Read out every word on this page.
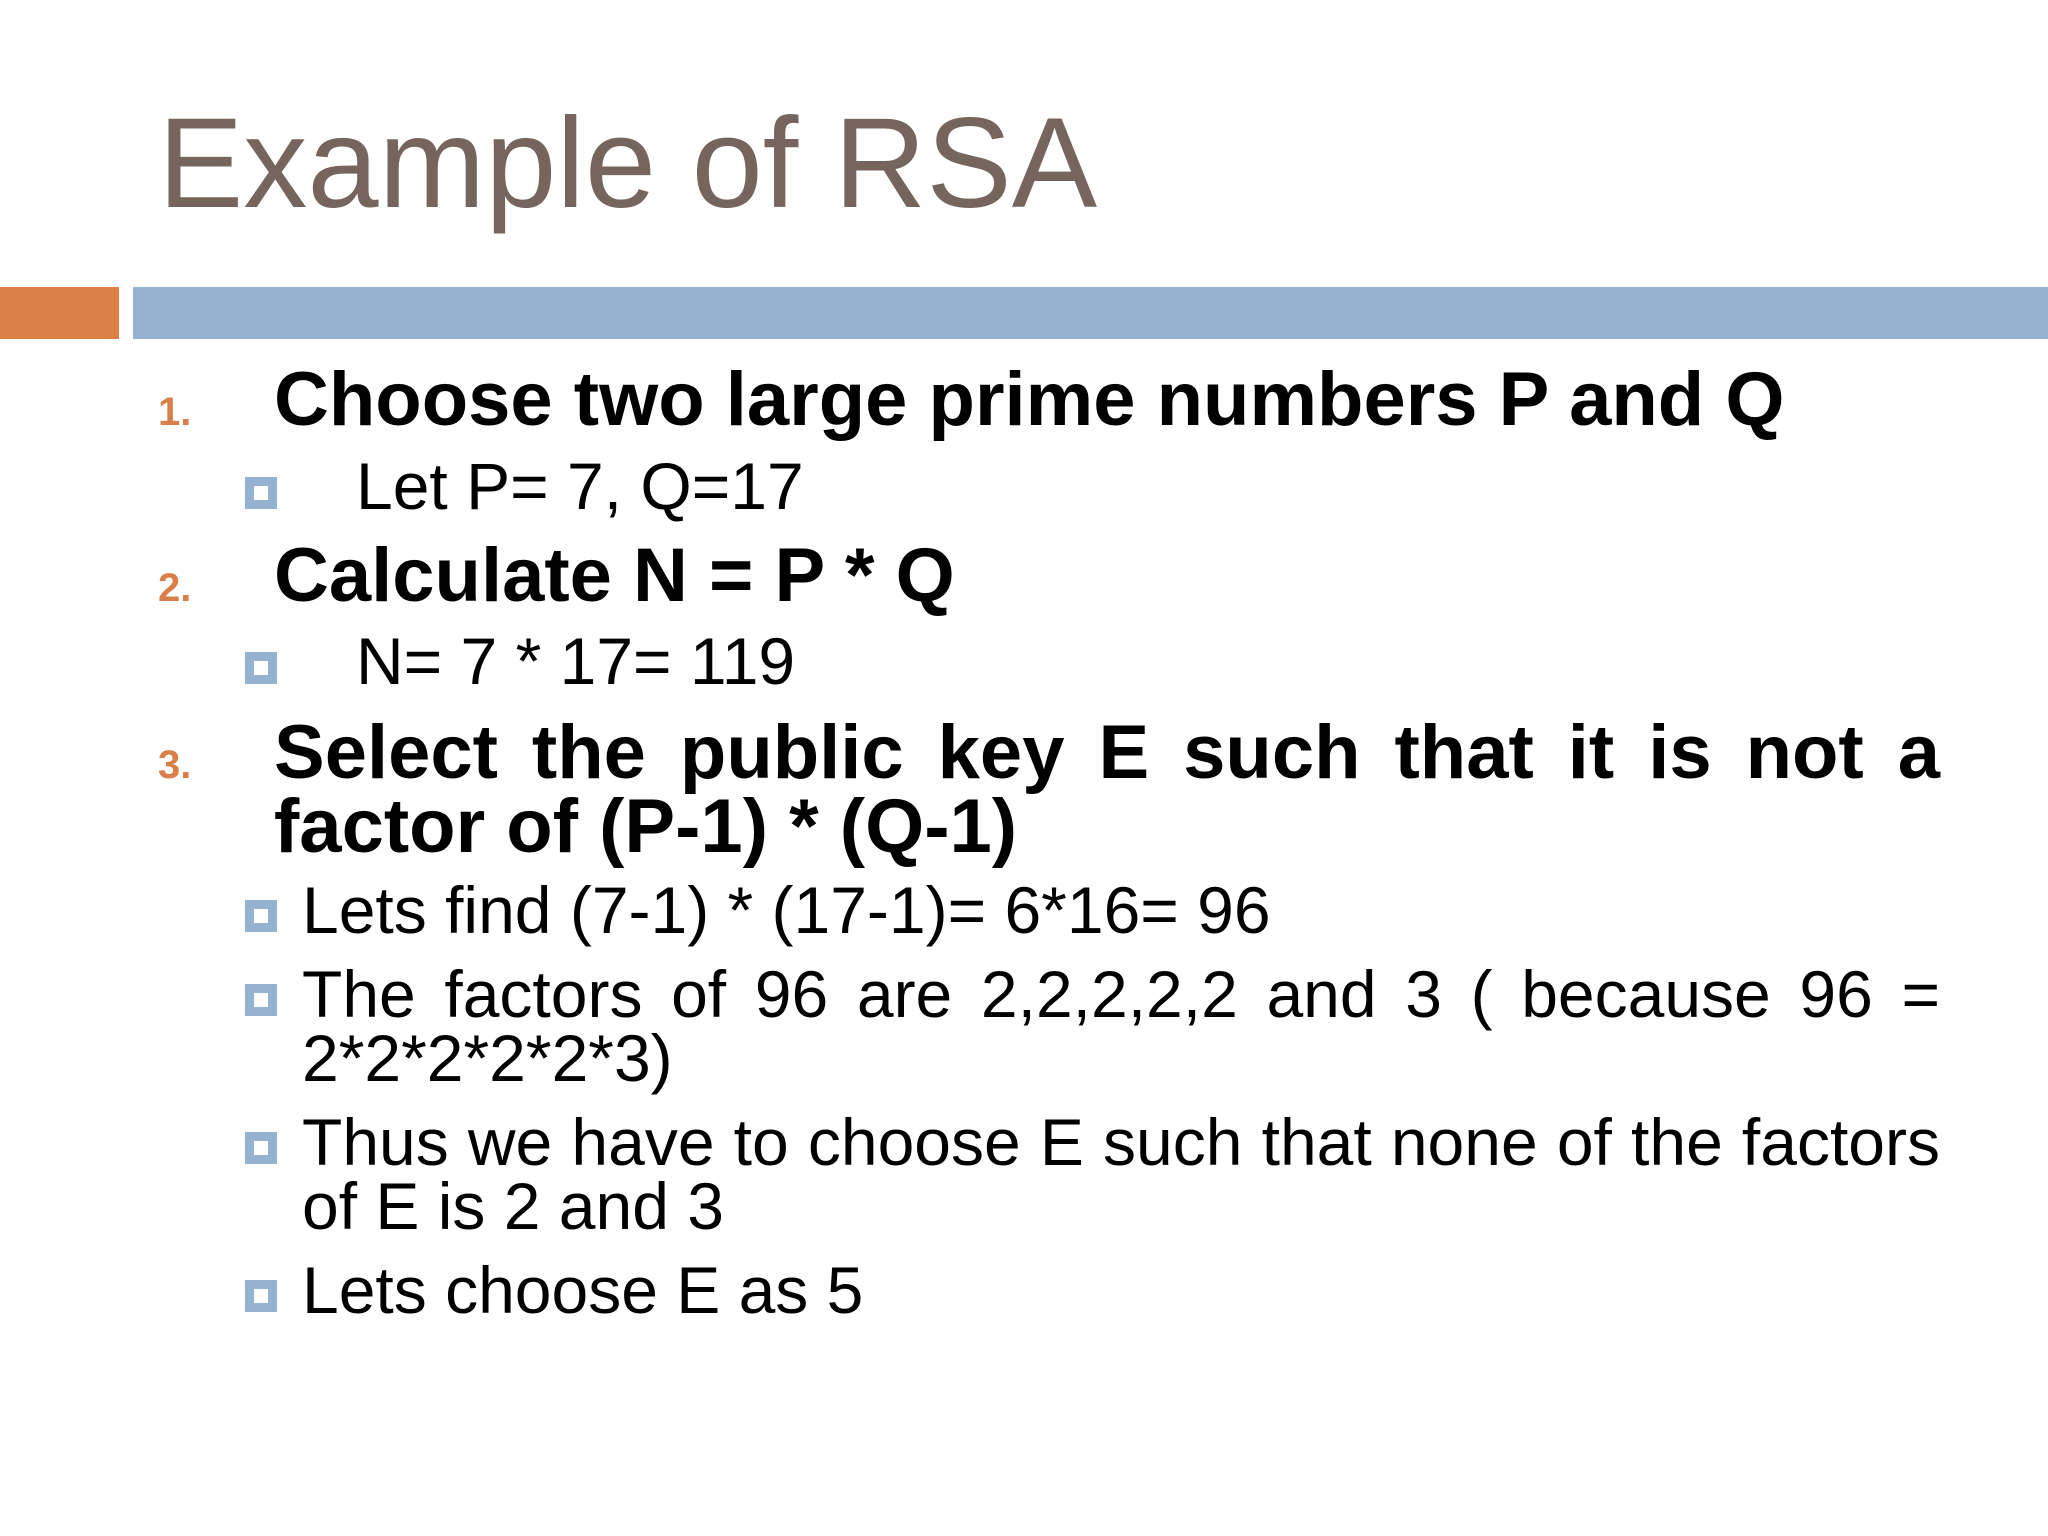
Example of RSA
1. Choose two large prime numbers P and Q

Let P= 7, Q=17

2. Calculate N = P * Q

N= 7 * 17= 119

3. Select the public key E such that it is not a factor of (P-1) * (Q-1)

Lets find (7-1) * (17-1)= 6*16= 96

The factors of 96 are 2,2,2,2,2 and 3 ( because 96 = 2*2*2*2*2*3)

Thus we have to choose E such that none of the factors of E is 2 and 3

Lets choose E as 5
